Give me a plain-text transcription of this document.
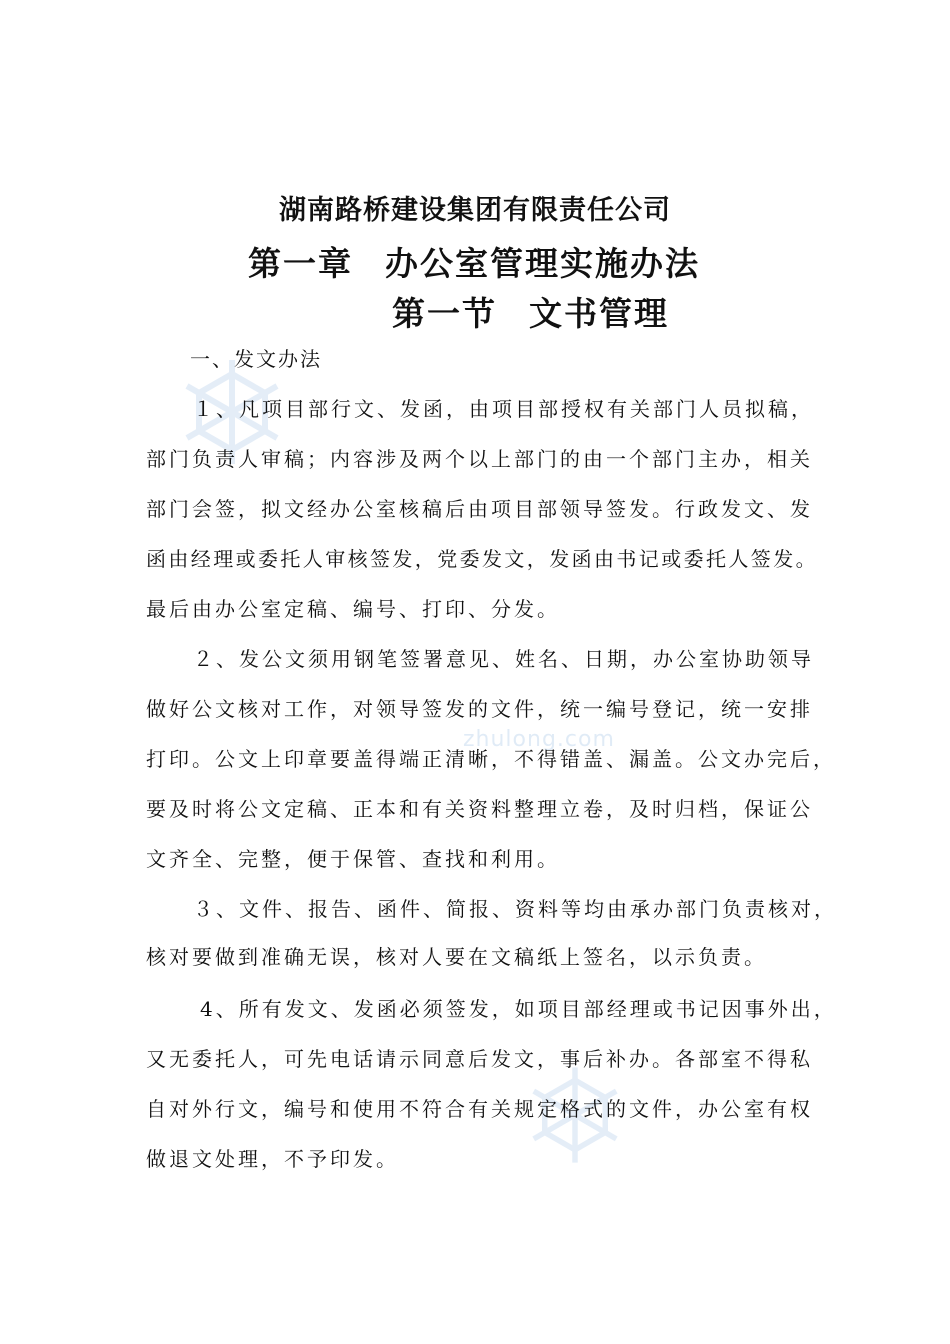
zhulong.com
湖南路桥建设集团有限责任公司
第一章 办公室管理实施办法
第一节 文书管理
一、发文办法
１、凡项目部行文、发函，由项目部授权有关部门人员拟稿，
部门负责人审稿；内容涉及两个以上部门的由一个部门主办，相关
部门会签，拟文经办公室核稿后由项目部领导签发。行政发文、发
函由经理或委托人审核签发，党委发文，发函由书记或委托人签发。
最后由办公室定稿、编号、打印、分发。
２、发公文须用钢笔签署意见、姓名、日期，办公室协助领导
做好公文核对工作，对领导签发的文件，统一编号登记，统一安排
打印。公文上印章要盖得端正清晰，不得错盖、漏盖。公文办完后，
要及时将公文定稿、正本和有关资料整理立卷，及时归档，保证公
文齐全、完整，便于保管、查找和利用。
３、文件、报告、函件、简报、资料等均由承办部门负责核对，
核对要做到准确无误，核对人要在文稿纸上签名，以示负责。
4、所有发文、发函必须签发，如项目部经理或书记因事外出，
又无委托人，可先电话请示同意后发文，事后补办。各部室不得私
自对外行文，编号和使用不符合有关规定格式的文件，办公室有权
做退文处理，不予印发。
